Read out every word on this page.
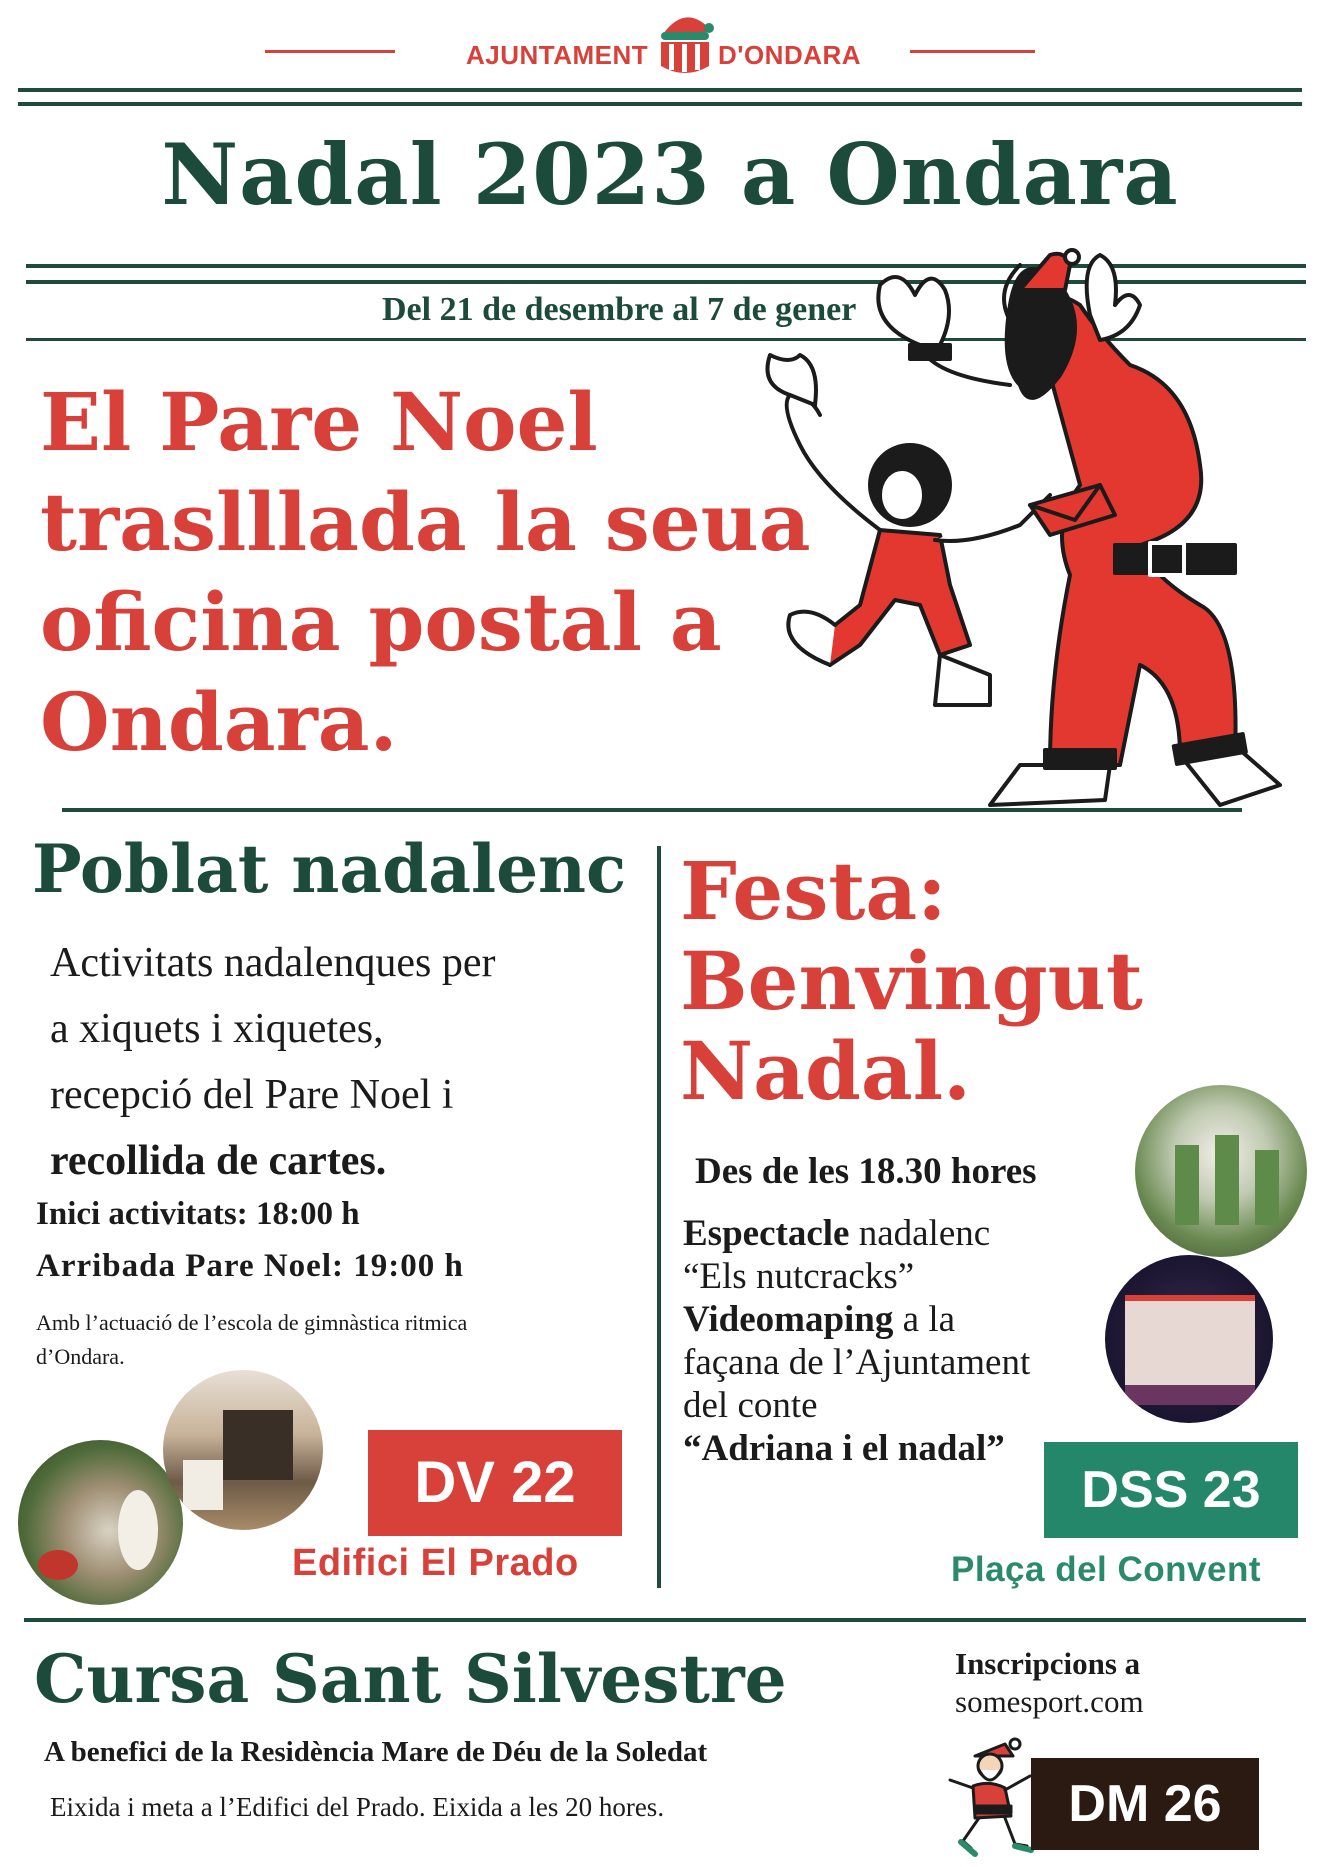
AJUNTAMENT	D'ONDARA
Nadal 2023 a Ondara
Del 21 de desembre al 7 de gener
El Pare Noel
traslllada la seua
oficina postal a
Ondara.
Poblat nadalenc
Activitats nadalenques per
a xiquets i xiquetes,
recepció del Pare Noel i
recollida de cartes.
Inici activitats: 18:00 h
Arribada Pare Noel: 19:00 h
Amb l’actuació de l’escola de gimnàstica ritmica
d’Ondara.
DV 22
Edifici El Prado
Festa:
Benvingut
Nadal.
Des de les 18.30 hores
Espectacle nadalenc
“Els nutcracks”
Videomaping a la
façana de l’Ajuntament
del conte
“Adriana i el nadal”
DSS 23
Plaça del Convent
Cursa Sant Silvestre
A benefici de la Residència Mare de Déu de la Soledat
Eixida i meta a l’Edifici del Prado. Eixida a les 20 hores.
Inscripcions a
somesport.com
DM 26
